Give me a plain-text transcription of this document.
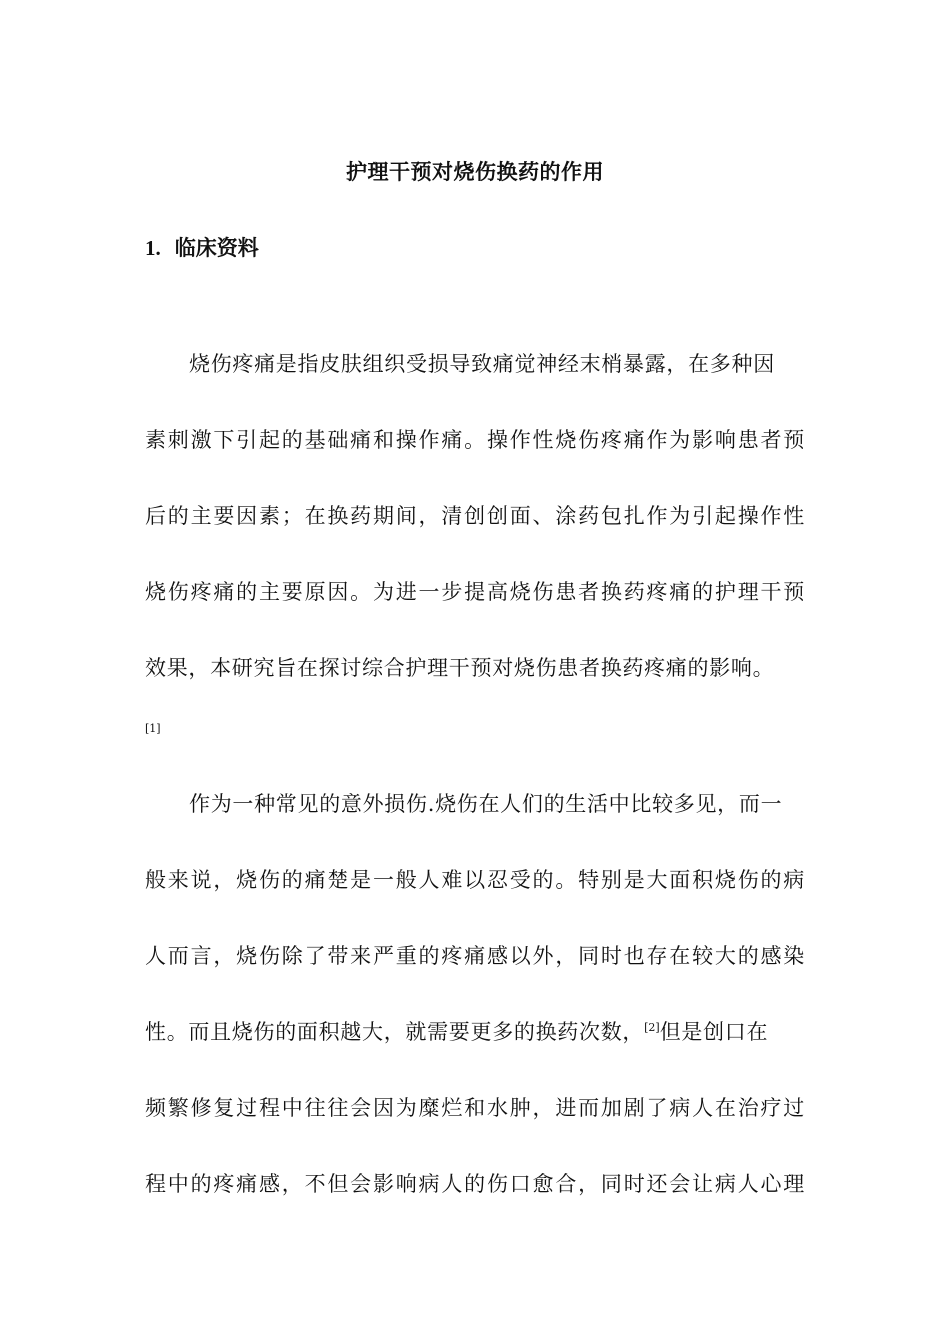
护理干预对烧伤换药的作用
1. 临床资料
烧伤疼痛是指皮肤组织受损导致痛觉神经末梢暴露，在多种因
素刺激下引起的基础痛和操作痛。操作性烧伤疼痛作为影响患者预
后的主要因素；在换药期间，清创创面、涂药包扎作为引起操作性
烧伤疼痛的主要原因。为进一步提高烧伤患者换药疼痛的护理干预
效果，本研究旨在探讨综合护理干预对烧伤患者换药疼痛的影响。
[1]
作为一种常见的意外损伤.烧伤在人们的生活中比较多见，而一
般来说，烧伤的痛楚是一般人难以忍受的。特别是大面积烧伤的病
人而言，烧伤除了带来严重的疼痛感以外，同时也存在较大的感染
性。而且烧伤的面积越大，就需要更多的换药次数，[2]但是创口在
频繁修复过程中往往会因为糜烂和水肿，进而加剧了病人在治疗过
程中的疼痛感，不但会影响病人的伤口愈合，同时还会让病人心理
